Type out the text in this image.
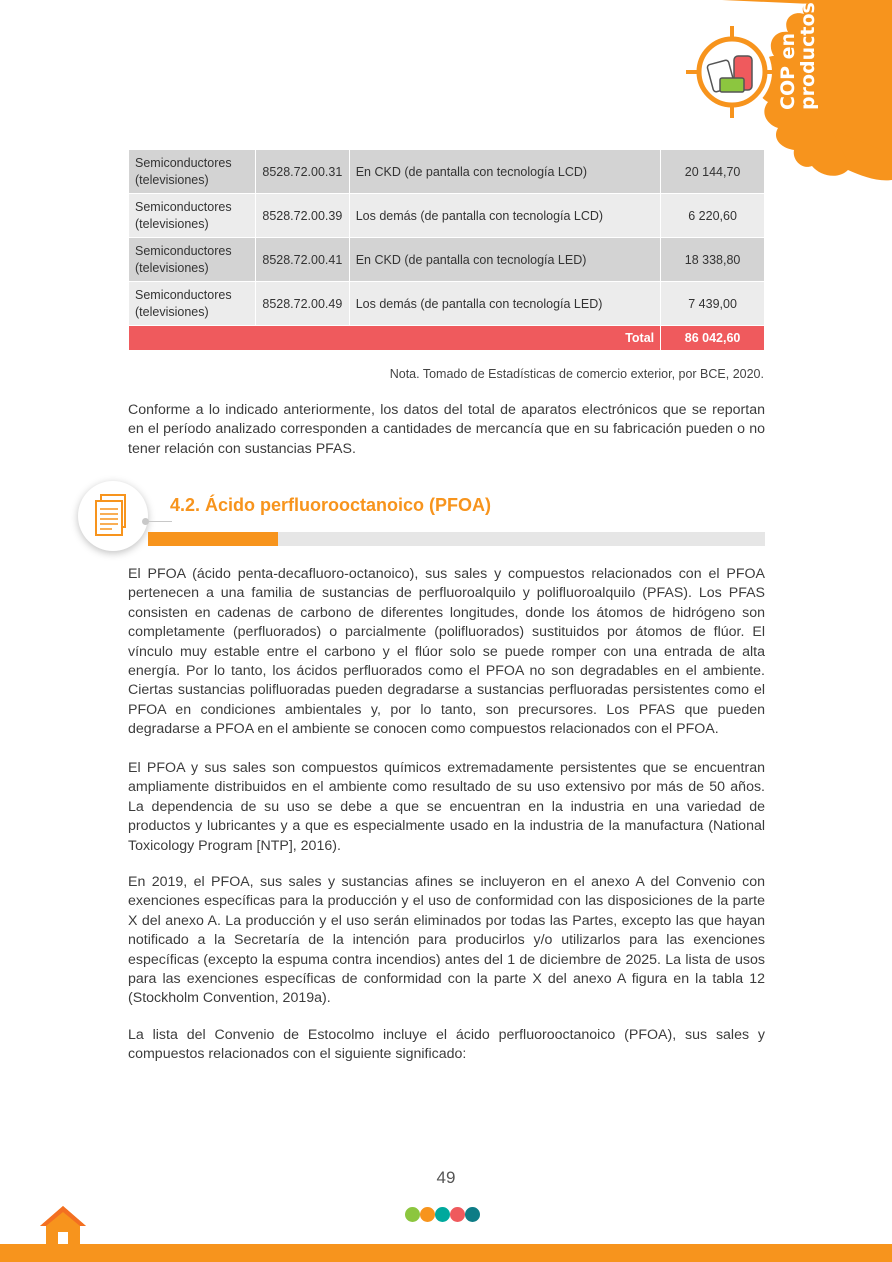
COP en
productos
Semiconductores (televisiones)	8528.72.00.31	En CKD (de pantalla con tecnología LCD)	20 144,70
Semiconductores (televisiones)	8528.72.00.39	Los demás (de pantalla con tecnología LCD)	6 220,60
Semiconductores (televisiones)	8528.72.00.41	En CKD (de pantalla con tecnología LED)	18 338,80
Semiconductores (televisiones)	8528.72.00.49	Los demás (de pantalla con tecnología LED)	7 439,00
Total			86 042,60
Nota. Tomado de Estadísticas de comercio exterior, por BCE, 2020.

Conforme a lo indicado anteriormente, los datos del total de aparatos electrónicos que se reportan en el período analizado corresponden a cantidades de mercancía que en su fabricación pueden o no tener relación con sustancias PFAS.

4.2. Ácido perfluorooctanoico (PFOA)

El PFOA (ácido penta-decafluoro-octanoico), sus sales y compuestos relacionados con el PFOA pertenecen a una familia de sustancias de perfluoroalquilo y polifluoroalquilo (PFAS). Los PFAS consisten en cadenas de carbono de diferentes longitudes, donde los átomos de hidrógeno son completamente (perfluorados) o parcialmente (polifluorados) sustituidos por átomos de flúor. El vínculo muy estable entre el carbono y el flúor solo se puede romper con una entrada de alta energía. Por lo tanto, los ácidos perfluorados como el PFOA no son degradables en el ambiente. Ciertas sustancias polifluoradas pueden degradarse a sustancias perfluoradas persistentes como el PFOA en condiciones ambientales y, por lo tanto, son precursores. Los PFAS que pueden degradarse a PFOA en el ambiente se conocen como compuestos relacionados con el PFOA.

El PFOA y sus sales son compuestos químicos extremadamente persistentes que se encuentran ampliamente distribuidos en el ambiente como resultado de su uso extensivo por más de 50 años. La dependencia de su uso se debe a que se encuentran en la industria en una variedad de productos y lubricantes y a que es especialmente usado en la industria de la manufactura (National Toxicology Program [NTP], 2016).

En 2019, el PFOA, sus sales y sustancias afines se incluyeron en el anexo A del Convenio con exenciones específicas para la producción y el uso de conformidad con las disposiciones de la parte X del anexo A. La producción y el uso serán eliminados por todas las Partes, excepto las que hayan notificado a la Secretaría de la intención para producirlos y/o utilizarlos para las exenciones específicas (excepto la espuma contra incendios) antes del 1 de diciembre de 2025. La lista de usos para las exenciones específicas de conformidad con la parte X del anexo A figura en la tabla 12 (Stockholm Convention, 2019a).

La lista del Convenio de Estocolmo incluye el ácido perfluorooctanoico (PFOA), sus sales y compuestos relacionados con el siguiente significado:

49
